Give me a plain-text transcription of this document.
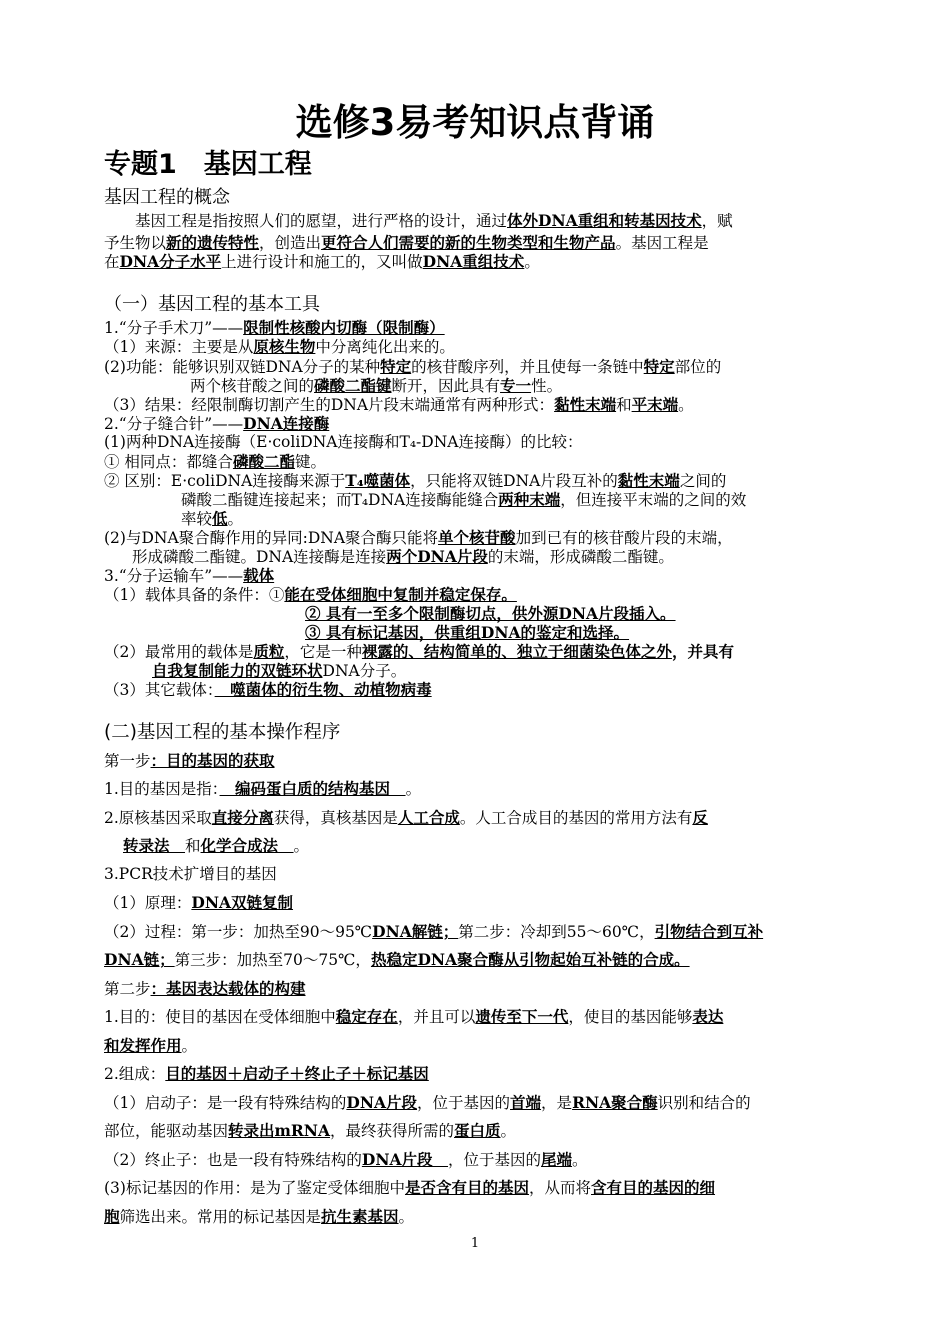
选修3易考知识点背诵
专题1　基因工程
基因工程的概念
　　基因工程是指按照人们的愿望，进行严格的设计，通过体外DNA重组和转基因技术，赋
予生物以新的遗传特性，创造出更符合人们需要的新的生物类型和生物产品。基因工程是
在DNA分子水平上进行设计和施工的，又叫做DNA重组技术。
（一）基因工程的基本工具
1.“分子手术刀”——限制性核酸内切酶（限制酶）
（1）来源：主要是从原核生物中分离纯化出来的。
(2)功能：能够识别双链DNA分子的某种特定的核苷酸序列，并且使每一条链中特定部位的
两个核苷酸之间的磷酸二酯键断开，因此具有专一性。
（3）结果：经限制酶切割产生的DNA片段末端通常有两种形式：黏性末端和平末端。
2.“分子缝合针”——DNA连接酶
(1)两种DNA连接酶（E·coliDNA连接酶和T₄-DNA连接酶）的比较：
① 相同点：都缝合磷酸二酯键。
② 区别：E·coliDNA连接酶来源于T₄噬菌体，只能将双链DNA片段互补的黏性末端之间的
磷酸二酯键连接起来；而T₄DNA连接酶能缝合两种末端，但连接平末端的之间的效
率较低。
(2)与DNA聚合酶作用的异同:DNA聚合酶只能将单个核苷酸加到已有的核苷酸片段的末端，
形成磷酸二酯键。DNA连接酶是连接两个DNA片段的末端，形成磷酸二酯键。
3.“分子运输车”——载体
（1）载体具备的条件：①能在受体细胞中复制并稳定保存。
② 具有一至多个限制酶切点，供外源DNA片段插入。
③ 具有标记基因，供重组DNA的鉴定和选择。
（2）最常用的载体是质粒，它是一种裸露的、结构简单的、独立于细菌染色体之外，并具有
自我复制能力的双链环状DNA分子。
（3）其它载体：　噬菌体的衍生物、动植物病毒
(二)基因工程的基本操作程序
第一步：目的基因的获取
1.目的基因是指：　编码蛋白质的结构基因　。
2.原核基因采取直接分离获得，真核基因是人工合成。人工合成目的基因的常用方法有反
转录法　和化学合成法　。
3.PCR技术扩增目的基因
（1）原理：DNA双链复制
（2）过程：第一步：加热至90～95℃DNA解链；第二步：冷却到55～60℃，引物结合到互补
DNA链；第三步：加热至70～75℃，热稳定DNA聚合酶从引物起始互补链的合成。
第二步：基因表达载体的构建
1.目的：使目的基因在受体细胞中稳定存在，并且可以遗传至下一代，使目的基因能够表达
和发挥作用。
2.组成：目的基因＋启动子＋终止子＋标记基因
（1）启动子：是一段有特殊结构的DNA片段，位于基因的首端，是RNA聚合酶识别和结合的
部位，能驱动基因转录出mRNA，最终获得所需的蛋白质。
（2）终止子：也是一段有特殊结构的DNA片段　，位于基因的尾端。
(3)标记基因的作用：是为了鉴定受体细胞中是否含有目的基因，从而将含有目的基因的细
胞筛选出来。常用的标记基因是抗生素基因。
1
